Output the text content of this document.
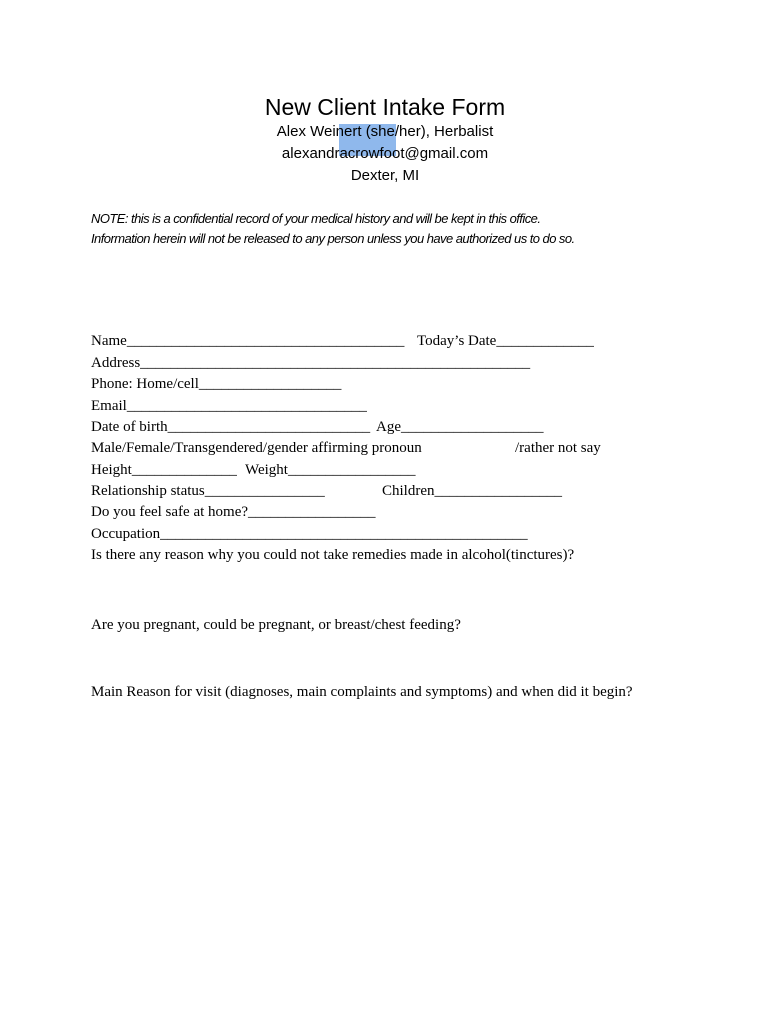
New Client Intake Form
Alex Weinert (she/her), Herbalist
alexandracrowfoot@gmail.com
Dexter, MI
NOTE: this is a confidential record of your medical history and will be kept in this office.
Information herein will not be released to any person unless you have authorized us to do so.
Name_____________________________________ Today’s Date_____________
Address____________________________________________________
Phone: Home/cell___________________
Email________________________________
Date of birth___________________________ Age___________________
Male/Female/Transgendered/gender affirming pronoun	/rather not say
Height______________ Weight_________________
Relationship status________________	Children_________________
Do you feel safe at home?_________________
Occupation_________________________________________________
Is there any reason why you could not take remedies made in alcohol(tinctures)?
Are you pregnant, could be pregnant, or breast/chest feeding?
Main Reason for visit (diagnoses, main complaints and symptoms) and when did it begin?
